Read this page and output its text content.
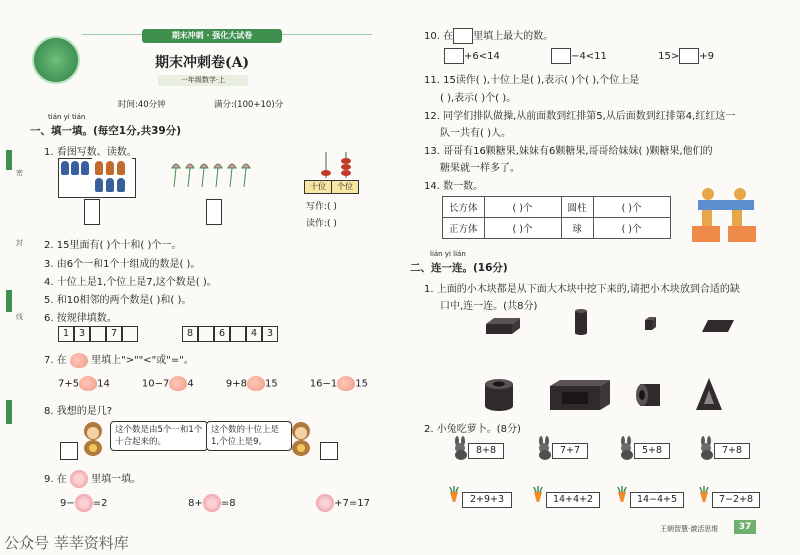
密
封
线
期末冲刺 · 强化大试卷
期末冲刺卷(A)
一年级数学·上
时间:40分钟	满分:(100+10)分
tián yi tián
一、填一填。(每空1分,共39分)
1. 看图写数、读数。
十位	个位
写作:( )
读作:( )
2. 15里面有( )个十和( )个一。
3. 由6个一和1个十组成的数是( )。
4. 十位上是1,个位上是7,这个数是( )。
5. 和10相邻的两个数是( )和( )。
6. 按规律填数。
1 3	7	8	6	4 3
7. 在 里填上">""<"或"="。
7+5 14	10−7 4	9+8 15	16−1 15
8. 我想的是几?
这个数是由5个一和1个十合起来的。
这个数的十位上是1,个位上是9。
9. 在 里填一填。
9− =2	8+ =8	+7=17
公众号 莘莘资料库
10. 在 里填上最大的数。
+6<14	−4<11	15> +9
11. 15读作( ),十位上是( ),表示( )个( ),个位上是
( ),表示( )个( )。
12. 同学们排队做操,从前面数到红排第5,从后面数到红排第4,红红这一
队一共有( )人。
13. 哥哥有16颗糖果,妹妹有6颗糖果,哥哥给妹妹( )颗糖果,他们的
糖果就一样多了。
14. 数一数。
长方体	( )个	圆柱	( )个
正方体	( )个	球	( )个
lián yi lián
二、连一连。(16分)
1. 上面的小木块都是从下面大木块中挖下来的,请把小木块放到合适的缺
口中,连一连。(共8分)
2. 小兔吃萝卜。(8分)
8+8	7+7	5+8	7+8
2+9+3	14+4+2	14−4+5	7−2+8
王朝智慧·激活思维	37
